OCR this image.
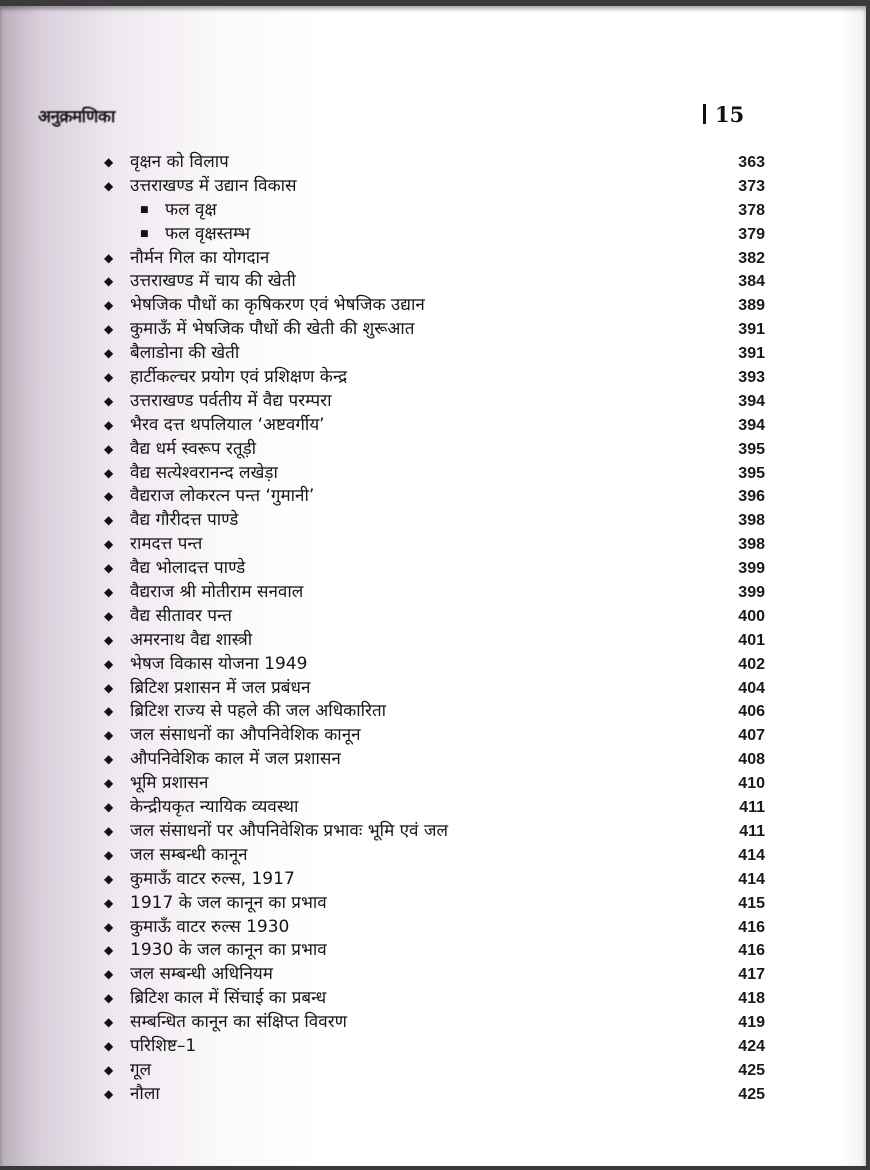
अनुक्रमणिका	15
◆ वृक्षन को विलाप	363
◆ उत्तराखण्ड में उद्यान विकास	373
■ फल वृक्ष	378
■ फल वृक्षस्तम्भ	379
◆ नौर्मन गिल का योगदान	382
◆ उत्तराखण्ड में चाय की खेती	384
◆ भेषजिक पौधों का कृषिकरण एवं भेषजिक उद्यान	389
◆ कुमाऊँ में भेषजिक पौधों की खेती की शुरूआत	391
◆ बैलाडोना की खेती	391
◆ हार्टीकल्चर प्रयोग एवं प्रशिक्षण केन्द्र	393
◆ उत्तराखण्ड पर्वतीय में वैद्य परम्परा	394
◆ भैरव दत्त थपलियाल ‘अष्टवर्गीय’	394
◆ वैद्य धर्म स्वरूप रतूड़ी	395
◆ वैद्य सत्येश्वरानन्द लखेड़ा	395
◆ वैद्यराज लोकरत्न पन्त ‘गुमानी’	396
◆ वैद्य गौरीदत्त पाण्डे	398
◆ रामदत्त पन्त	398
◆ वैद्य भोलादत्त पाण्डे	399
◆ वैद्यराज श्री मोतीराम सनवाल	399
◆ वैद्य सीतावर पन्त	400
◆ अमरनाथ वैद्य शास्त्री	401
◆ भेषज विकास योजना 1949	402
◆ ब्रिटिश प्रशासन में जल प्रबंधन	404
◆ ब्रिटिश राज्य से पहले की जल अधिकारिता	406
◆ जल संसाधनों का औपनिवेशिक कानून	407
◆ औपनिवेशिक काल में जल प्रशासन	408
◆ भूमि प्रशासन	410
◆ केन्द्रीयकृत न्यायिक व्यवस्था	411
◆ जल संसाधनों पर औपनिवेशिक प्रभावः भूमि एवं जल	411
◆ जल सम्बन्धी कानून	414
◆ कुमाऊँ वाटर रुल्स, 1917	414
◆ 1917 के जल कानून का प्रभाव	415
◆ कुमाऊँ वाटर रुल्स 1930	416
◆ 1930 के जल कानून का प्रभाव	416
◆ जल सम्बन्धी अधिनियम	417
◆ ब्रिटिश काल में सिंचाई का प्रबन्ध	418
◆ सम्बन्धित कानून का संक्षिप्त विवरण	419
◆ परिशिष्ट–1	424
◆ गूल	425
◆ नौला	425
